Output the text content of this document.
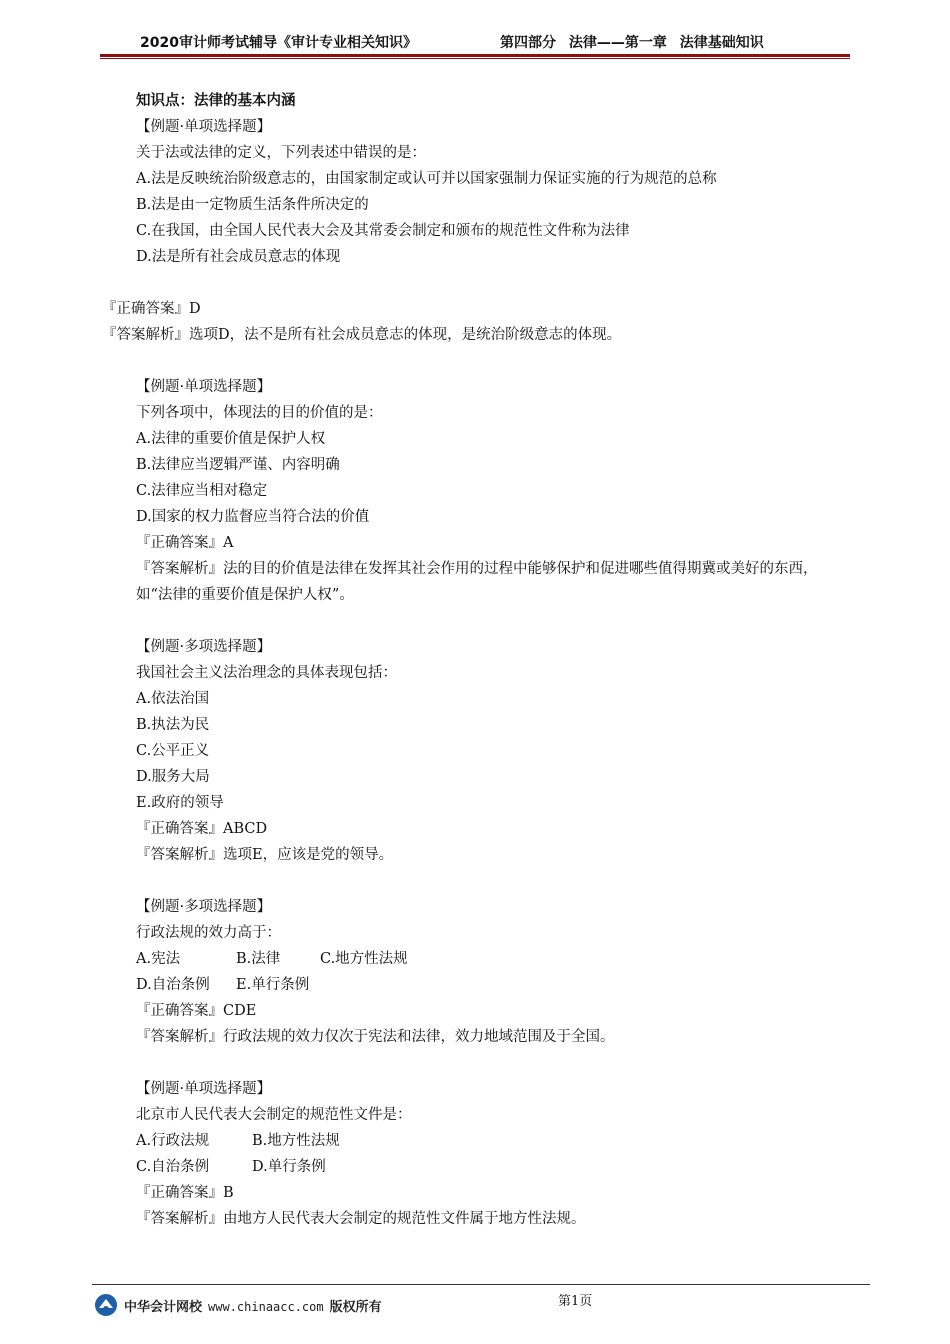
2020审计师考试辅导《审计专业相关知识》	第四部分 法律——第一章 法律基础知识
知识点：法律的基本内涵
【例题·单项选择题】
关于法或法律的定义，下列表述中错误的是：
A.法是反映统治阶级意志的，由国家制定或认可并以国家强制力保证实施的行为规范的总称
B.法是由一定物质生活条件所决定的
C.在我国，由全国人民代表大会及其常委会制定和颁布的规范性文件称为法律
D.法是所有社会成员意志的体现
『正确答案』D
『答案解析』选项D，法不是所有社会成员意志的体现，是统治阶级意志的体现。
【例题·单项选择题】
下列各项中，体现法的目的价值的是：
A.法律的重要价值是保护人权
B.法律应当逻辑严谨、内容明确
C.法律应当相对稳定
D.国家的权力监督应当符合法的价值
『正确答案』A
『答案解析』法的目的价值是法律在发挥其社会作用的过程中能够保护和促进哪些值得期冀或美好的东西，如“法律的重要价值是保护人权”。
【例题·多项选择题】
我国社会主义法治理念的具体表现包括：
A.依法治国
B.执法为民
C.公平正义
D.服务大局
E.政府的领导
『正确答案』ABCD
『答案解析』选项E，应该是党的领导。
【例题·多项选择题】
行政法规的效力高于：
A.宪法	B.法律	C.地方性法规
D.自治条例 E.单行条例
『正确答案』CDE
『答案解析』行政法规的效力仅次于宪法和法律，效力地域范围及于全国。
【例题·单项选择题】
北京市人民代表大会制定的规范性文件是：
A.行政法规	B.地方性法规
C.自治条例	D.单行条例
『正确答案』B
『答案解析』由地方人民代表大会制定的规范性文件属于地方性法规。
第1页
中华会计网校 www.chinaacc.com 版权所有
